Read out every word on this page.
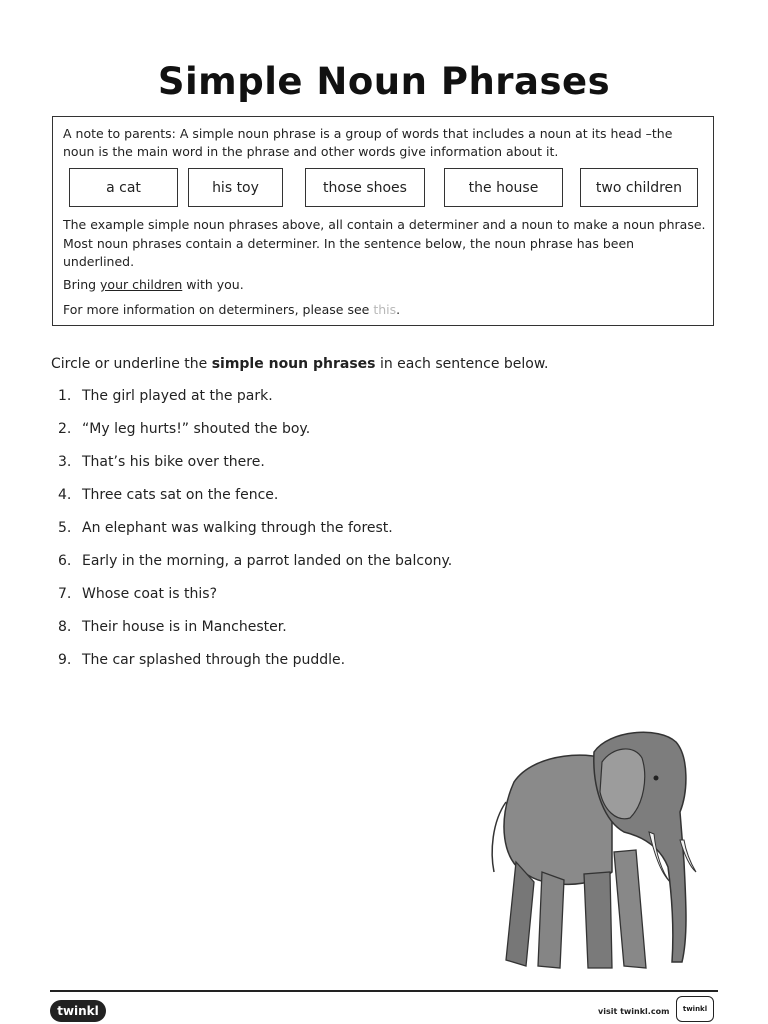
Simple Noun Phrases
A note to parents: A simple noun phrase is a group of words that includes a noun at its head –the noun is the main word in the phrase and other words give information about it.
a cat	his toy	those shoes	the house	two children
The example simple noun phrases above, all contain a determiner and a noun to make a noun phrase. Most noun phrases contain a determiner. In the sentence below, the noun phrase has been underlined.
Bring your children with you.
For more information on determiners, please see this.
Circle or underline the simple noun phrases in each sentence below.
1. The girl played at the park.
2. “My leg hurts!” shouted the boy.
3. That’s his bike over there.
4. Three cats sat on the fence.
5. An elephant was walking through the forest.
6. Early in the morning, a parrot landed on the balcony.
7. Whose coat is this?
8. Their house is in Manchester.
9. The car splashed through the puddle.
twinkl	visit twinkl.com	twinkl
